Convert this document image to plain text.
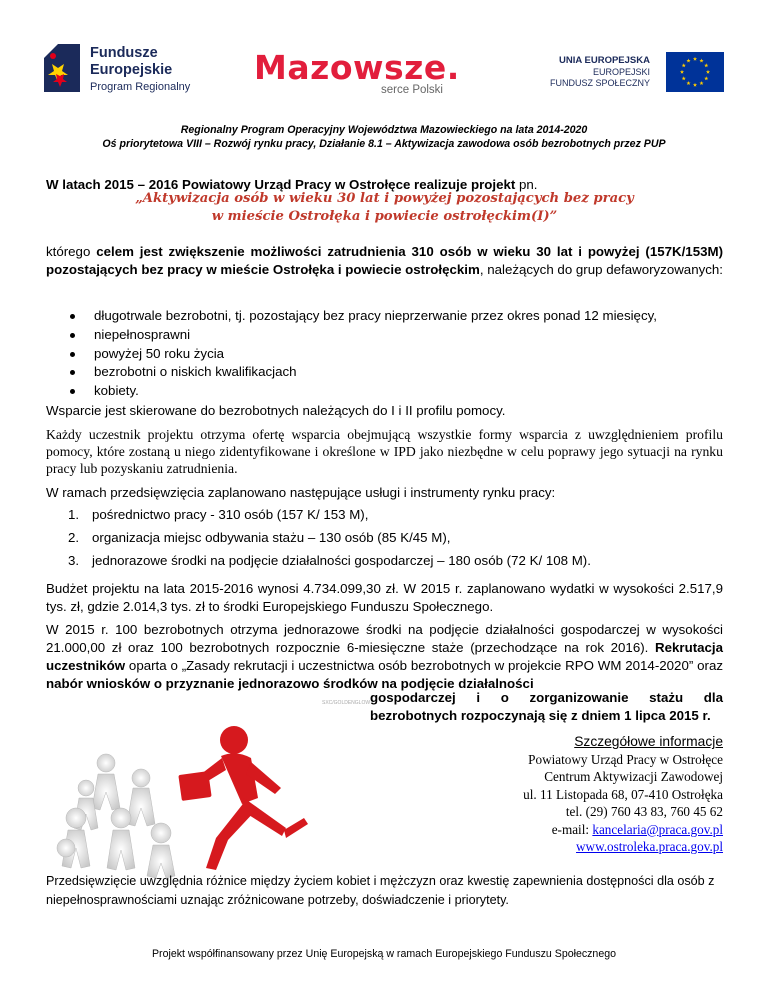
Fundusze
Europejskie
Program Regionalny Mazowsze.
serce Polski
UNIA EUROPEJSKA
EUROPEJSKI
FUNDUSZ SPOŁECZNY
Regionalny Program Operacyjny Województwa Mazowieckiego na lata 2014-2020
Oś priorytetowa VIII – Rozwój rynku pracy, Działanie 8.1 – Aktywizacja zawodowa osób bezrobotnych przez PUP
W latach 2015 – 2016 Powiatowy Urząd Pracy w Ostrołęce realizuje projekt pn.
„Aktywizacja osób w wieku 30 lat i powyżej pozostających bez pracy
w mieście Ostrołęka i powiecie ostrołęckim(I)”
którego celem jest zwiększenie możliwości zatrudnienia 310 osób w wieku 30 lat i powyżej (157K/153M) pozostających bez pracy w mieście Ostrołęka i powiecie ostrołęckim, należących do grup defaworyzowanych:
długotrwale bezrobotni, tj. pozostający bez pracy nieprzerwanie przez okres ponad 12 miesięcy,
niepełnosprawni
powyżej 50 roku życia
bezrobotni o niskich kwalifikacjach
kobiety.
Wsparcie jest skierowane do bezrobotnych należących do I i II profilu pomocy.
Każdy uczestnik projektu otrzyma ofertę wsparcia obejmującą wszystkie formy wsparcia z uwzględnieniem profilu pomocy, które zostaną u niego zidentyfikowane i określone w IPD jako niezbędne w celu poprawy jego sytuacji na rynku pracy lub pozyskaniu zatrudnienia.
W ramach przedsięwzięcia zaplanowano następujące usługi i instrumenty rynku pracy:
1. pośrednictwo pracy - 310 osób (157 K/ 153 M),
2. organizacja miejsc odbywania stażu – 130 osób (85 K/45 M),
3. jednorazowe środki na podjęcie działalności gospodarczej – 180 osób (72 K/ 108 M).
Budżet projektu na lata 2015-2016 wynosi 4.734.099,30 zł. W 2015 r. zaplanowano wydatki w wysokości 2.517,9 tys. zł, gdzie 2.014,3 tys. zł to środki Europejskiego Funduszu Społecznego.
W 2015 r. 100 bezrobotnych otrzyma jednorazowe środki na podjęcie działalności gospodarczej w wysokości 21.000,00 zł oraz 100 bezrobotnych rozpocznie 6-miesięczne staże (przechodzące na rok 2016). Rekrutacja uczestników oparta o „Zasady rekrutacji i uczestnictwa osób bezrobotnych w projekcie RPO WM 2014-2020” oraz nabór wniosków o przyznanie jednorazowo środków na podjęcie działalności
SXC/GOLDENGLOW gospodarczej i o zorganizowanie stażu dla bezrobotnych rozpoczynają się z dniem 1 lipca 2015 r.
Szczegółowe informacje
Powiatowy Urząd Pracy w Ostrołęce
Centrum Aktywizacji Zawodowej
ul. 11 Listopada 68, 07-410 Ostrołęka
tel. (29) 760 43 83, 760 45 62
e-mail: kancelaria@praca.gov.pl
www.ostroleka.praca.gov.pl
Przedsięwzięcie uwzględnia różnice między życiem kobiet i mężczyzn oraz kwestię zapewnienia dostępności dla osób z niepełnosprawnościami uznając zróżnicowane potrzeby, doświadczenie i priorytety.
Projekt współfinansowany przez Unię Europejską w ramach Europejskiego Funduszu Społecznego
